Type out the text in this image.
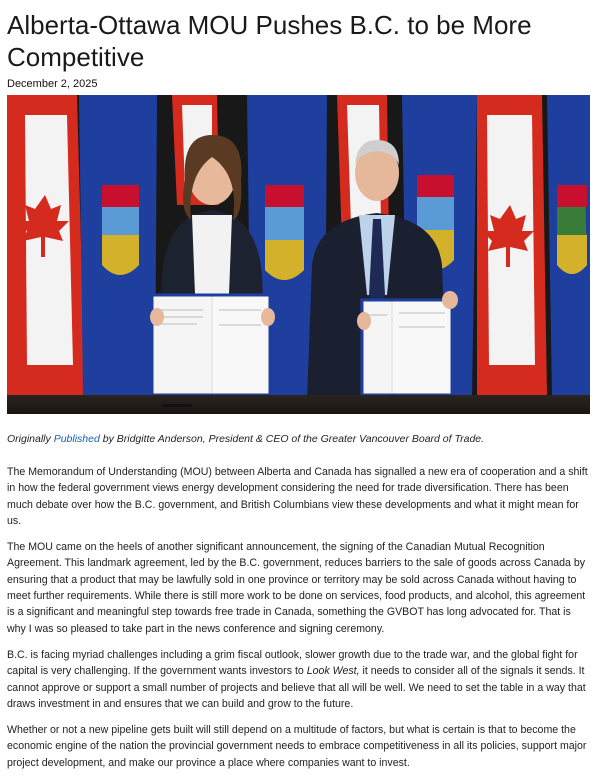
Alberta-Ottawa MOU Pushes B.C. to be More Competitive
December 2, 2025
Originally Published by Bridgitte Anderson, President & CEO of the Greater Vancouver Board of Trade.

The Memorandum of Understanding (MOU) between Alberta and Canada has signalled a new era of cooperation and a shift in how the federal government views energy development considering the need for trade diversification. There has been much debate over how the B.C. government, and British Columbians view these developments and what it might mean for us.

The MOU came on the heels of another significant announcement, the signing of the Canadian Mutual Recognition Agreement. This landmark agreement, led by the B.C. government, reduces barriers to the sale of goods across Canada by ensuring that a product that may be lawfully sold in one province or territory may be sold across Canada without having to meet further requirements. While there is still more work to be done on services, food products, and alcohol, this agreement is a significant and meaningful step towards free trade in Canada, something the GVBOT has long advocated for. That is why I was so pleased to take part in the news conference and signing ceremony.

B.C. is facing myriad challenges including a grim fiscal outlook, slower growth due to the trade war, and the global fight for capital is very challenging. If the government wants investors to Look West, it needs to consider all of the signals it sends. It cannot approve or support a small number of projects and believe that all will be well. We need to set the table in a way that draws investment in and ensures that we can build and grow to the future.

Whether or not a new pipeline gets built will still depend on a multitude of factors, but what is certain is that to become the economic engine of the nation the provincial government needs to embrace competitiveness in all its policies, support major project development, and make our province a place where companies want to invest.
